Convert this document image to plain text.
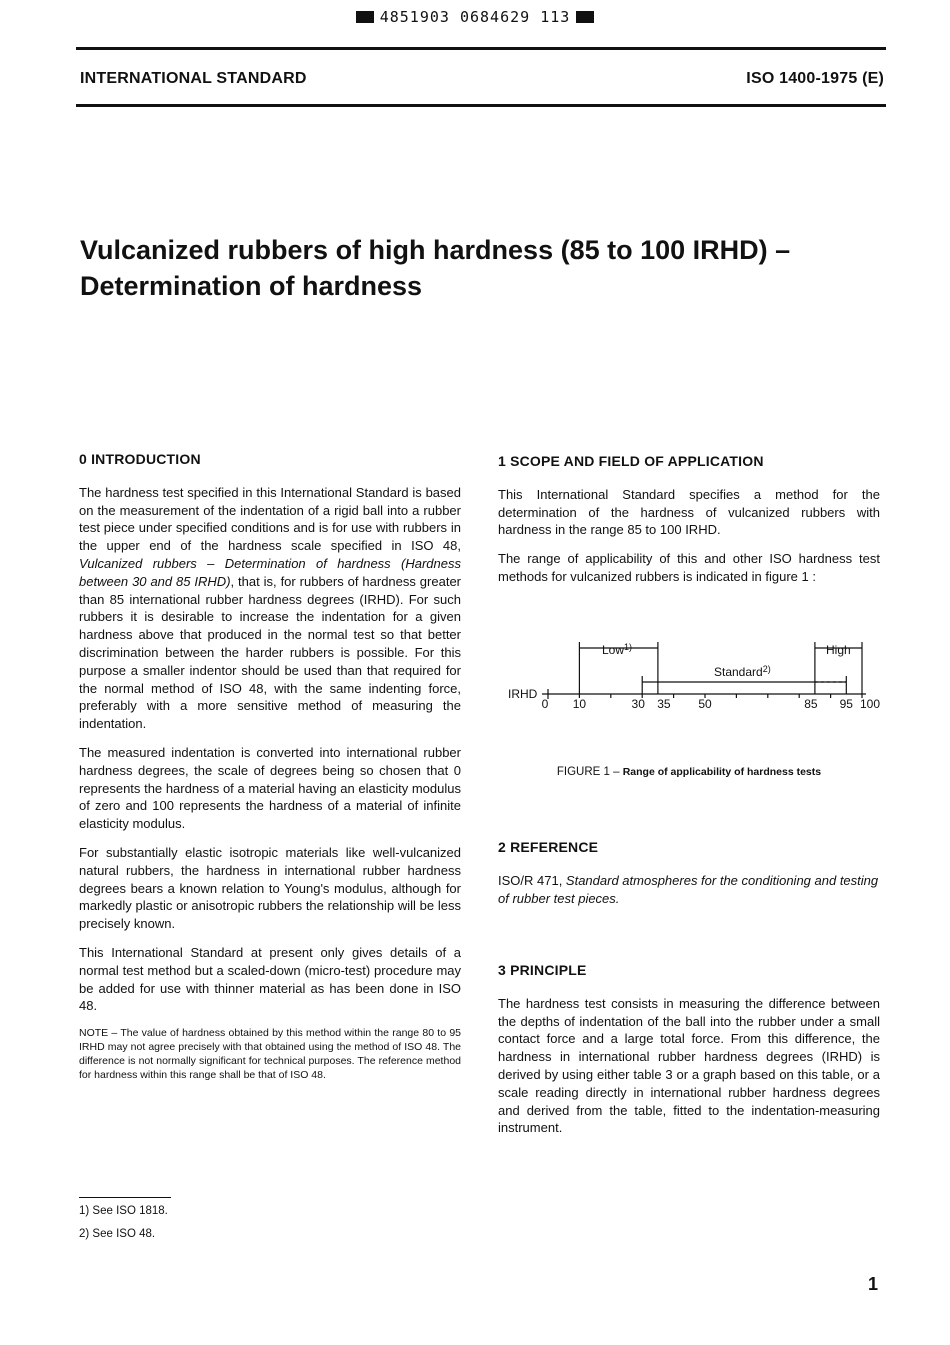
4851903 0684629 113
INTERNATIONAL STANDARD	ISO 1400-1975 (E)
Vulcanized rubbers of high hardness (85 to 100 IRHD) –
Determination of hardness
0 INTRODUCTION

The hardness test specified in this International Standard is based on the measurement of the indentation of a rigid ball into a rubber test piece under specified conditions and is for use with rubbers in the upper end of the hardness scale specified in ISO 48, Vulcanized rubbers – Determination of hardness (Hardness between 30 and 85 IRHD), that is, for rubbers of hardness greater than 85 international rubber hardness degrees (IRHD). For such rubbers it is desirable to increase the indentation for a given hardness above that produced in the normal test so that better discrimination between the harder rubbers is possible. For this purpose a smaller indentor should be used than that required for the normal method of ISO 48, with the same indenting force, preferably with a more sensitive method of measuring the indentation.

The measured indentation is converted into international rubber hardness degrees, the scale of degrees being so chosen that 0 represents the hardness of a material having an elasticity modulus of zero and 100 represents the hardness of a material of infinite elasticity modulus.

For substantially elastic isotropic materials like well-vulcanized natural rubbers, the hardness in international rubber hardness degrees bears a known relation to Young's modulus, although for markedly plastic or anisotropic rubbers the relationship will be less precisely known.

This International Standard at present only gives details of a normal test method but a scaled-down (micro-test) procedure may be added for use with thinner material as has been done in ISO 48.

NOTE – The value of hardness obtained by this method within the range 80 to 95 IRHD may not agree precisely with that obtained using the method of ISO 48. The difference is not normally significant for technical purposes. The reference method for hardness within this range shall be that of ISO 48.
1) See ISO 1818.
2) See ISO 48.
1 SCOPE AND FIELD OF APPLICATION

This International Standard specifies a method for the determination of the hardness of vulcanized rubbers with hardness in the range 85 to 100 IRHD.

The range of applicability of this and other ISO hardness test methods for vulcanized rubbers is indicated in figure 1 :

IRHD
Low$^{1)}$
Standard$^{2)}$
High
0 10	30 35 50	85 95 100
FIGURE 1 – Range of applicability of hardness tests
2 REFERENCE

ISO/R 471, Standard atmospheres for the conditioning and testing of rubber test pieces.

3 PRINCIPLE

The hardness test consists in measuring the difference between the depths of indentation of the ball into the rubber under a small contact force and a large total force. From this difference, the hardness in international rubber hardness degrees (IRHD) is derived by using either table 3 or a graph based on this table, or a scale reading directly in international rubber hardness degrees and derived from the table, fitted to the indentation-measuring instrument.

1
